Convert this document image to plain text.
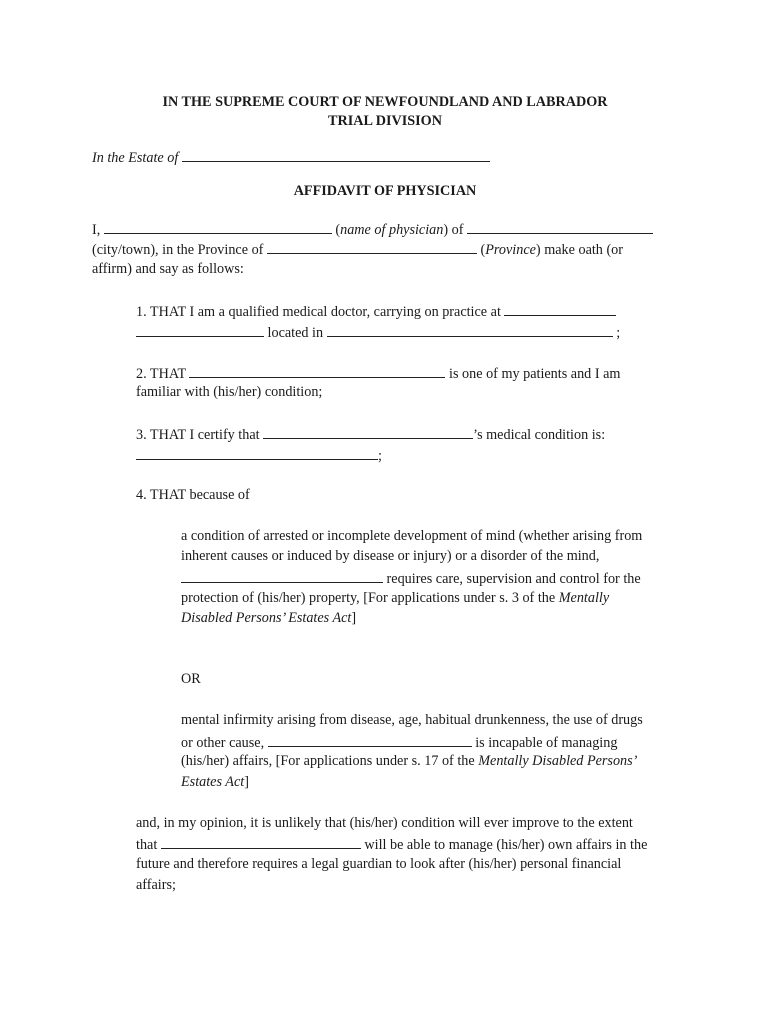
IN THE SUPREME COURT OF NEWFOUNDLAND AND LABRADOR
TRIAL DIVISION
In the Estate of
AFFIDAVIT OF PHYSICIAN
I,	(name of physician) of
(city/town), in the Province of	(Province) make oath (or
affirm) and say as follows:
1. THAT I am a qualified medical doctor, carrying on practice at
located in	;
2. THAT	is one of my patients and I am
familiar with (his/her) condition;
3. THAT I certify that	’s medical condition is:
;
4. THAT because of
a condition of arrested or incomplete development of mind (whether arising from
inherent causes or induced by disease or injury) or a disorder of the mind,
requires care, supervision and control for the
protection of (his/her) property, [For applications under s. 3 of the Mentally
Disabled Persons’ Estates Act]
OR
mental infirmity arising from disease, age, habitual drunkenness, the use of drugs
or other cause,	is incapable of managing
(his/her) affairs, [For applications under s. 17 of the Mentally Disabled Persons’
Estates Act]
and, in my opinion, it is unlikely that (his/her) condition will ever improve to the extent
that	will be able to manage (his/her) own affairs in the
future and therefore requires a legal guardian to look after (his/her) personal financial
affairs;
